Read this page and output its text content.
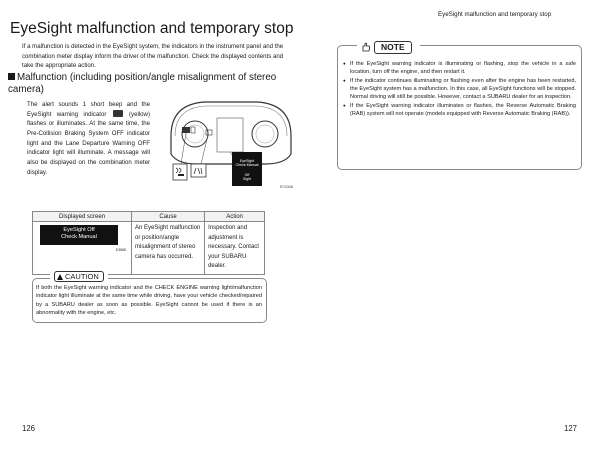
EyeSight malfunction and temporary stop
EyeSight malfunction and temporary stop
If a malfunction is detected in the EyeSight system, the indicators in the instrument panel and the combination meter display inform the driver of the malfunction. Check the displayed contents and take the appropriate action.
Malfunction (including position/angle misalignment of stereo camera)
The alert sounds 1 short beep and the EyeSight warning indicator	(yellow) flashes or illuminates. At the same time, the Pre-Collision Braking System OFF indicator light and the Lane Departure Warning OFF indicator light will illuminate. A message will also be displayed on the combination meter display.
EyeSight
Check Manual
Off
Sight
EC0346
Displayed screen	Cause	Action

EyeSight Off
Check Manual
E3565	An EyeSight malfunction or position/angle misalignment of stereo camera has occurred.	Inspection and adjustment is necessary. Contact your SUBARU dealer.
CAUTION
If both the EyeSight warning indicator and the CHECK ENGINE warning light/malfunction indicator light illuminate at the same time while driving, have your vehicle checked/repaired by a SUBARU dealer as soon as possible. EyeSight cannot be used if there is an abnormality with the engine, etc.
NOTE
● If the EyeSight warning indicator is illuminating or flashing, stop the vehicle in a safe location, turn off the engine, and then restart it.
● If the indicator continues illuminating or flashing even after the engine has been restarted, the EyeSight system has a malfunction. In this case, all EyeSight functions will be stopped. Normal driving will still be possible. However, contact a SUBARU dealer for an inspection.
● If the EyeSight warning indicator illuminates or flashes, the Reverse Automatic Braking (RAB) system will not operate (models equipped with Reverse Automatic Braking (RAB)).
126	127
